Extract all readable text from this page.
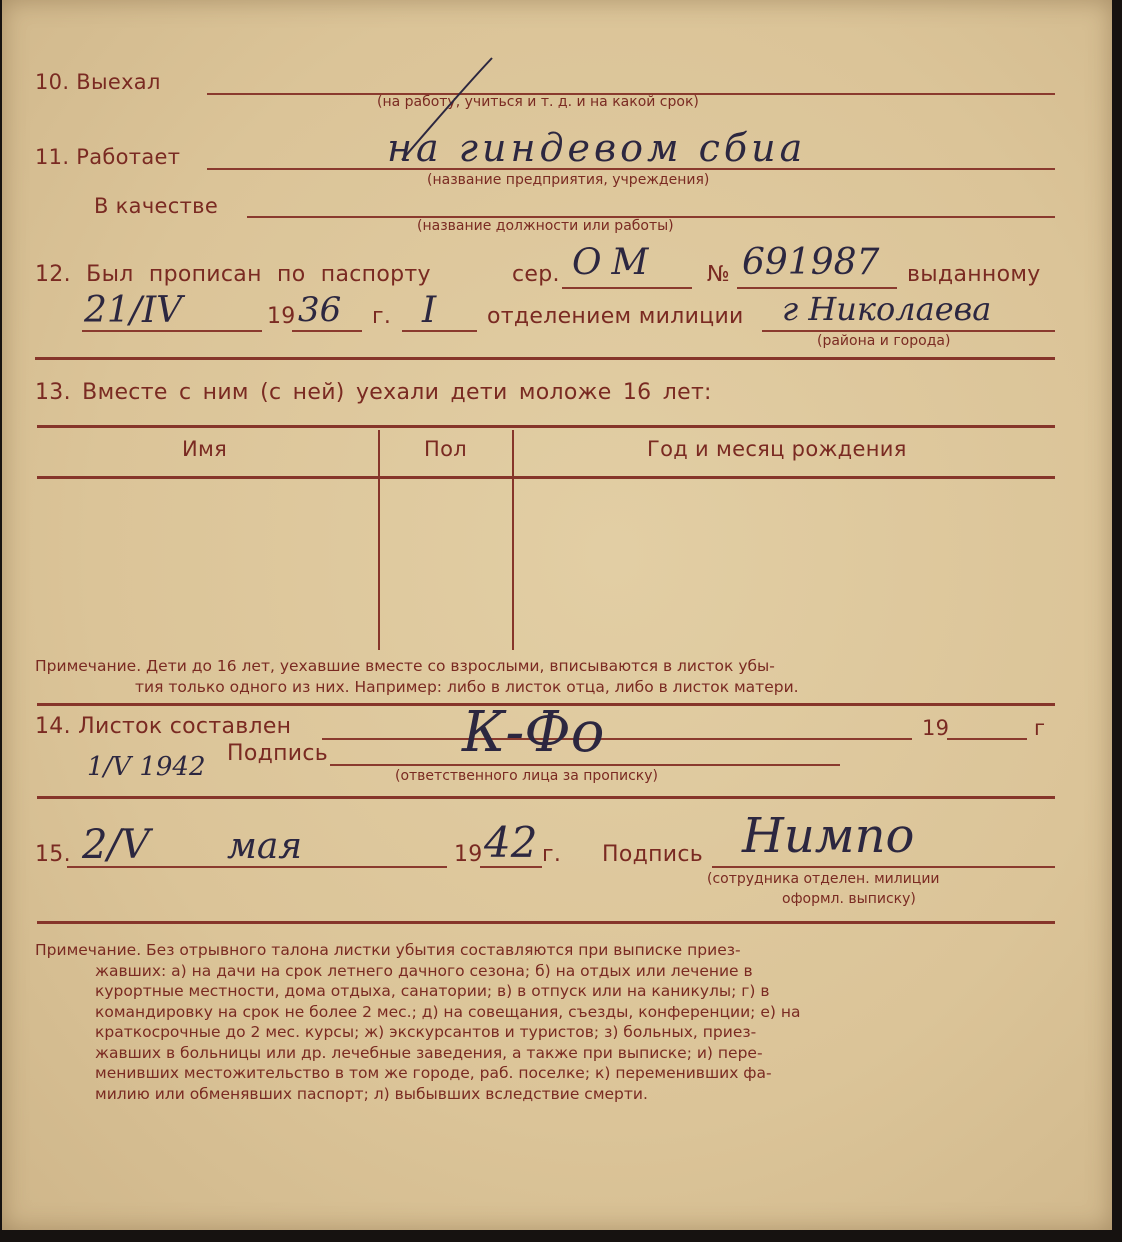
10. Выехал
(на работу, учиться и т. д. и на какой срок)
11. Работает	на гиндевом сбиа
(название предприятия, учреждения)
В качестве
(название должности или работы)
12. Был прописан по паспорту	сер. ОМ № 691987 выданному
21/IV	19 36 г. I отделением милиции г Николаева
(района и города)
13. Вместе с ним (с ней) уехали дети моложе 16 лет:
Имя	Пол	Год и месяц рождения
Примечание. Дети до 16 лет, уехавшие вместе со взрослыми, вписываются в листок убы-
тия только одного из них. Например: либо в листок отца, либо в листок матери.
14. Листок составлен	19	г
1/V 1942 Подпись К-Фо
(ответственного лица за прописку)
15. 2/V мая	19 42 г. Подпись Нимпо
(сотрудника отделен. милиции
оформл. выписку)
Примечание. Без отрывного талона листки убытия составляются при выписке приез-
жавших: а) на дачи на срок летнего дачного сезона; б) на отдых или лечение в
курортные местности, дома отдыха, санатории; в) в отпуск или на каникулы; г) в
командировку на срок не более 2 мес.; д) на совещания, съезды, конференции; е) на
краткосрочные до 2 мес. курсы; ж) экскурсантов и туристов; з) больных, приез-
жавших в больницы или др. лечебные заведения, а также при выписке; и) пере-
менивших местожительство в том же городе, раб. поселке; к) переменивших фа-
милию или обменявших паспорт; л) выбывших вследствие смерти.
